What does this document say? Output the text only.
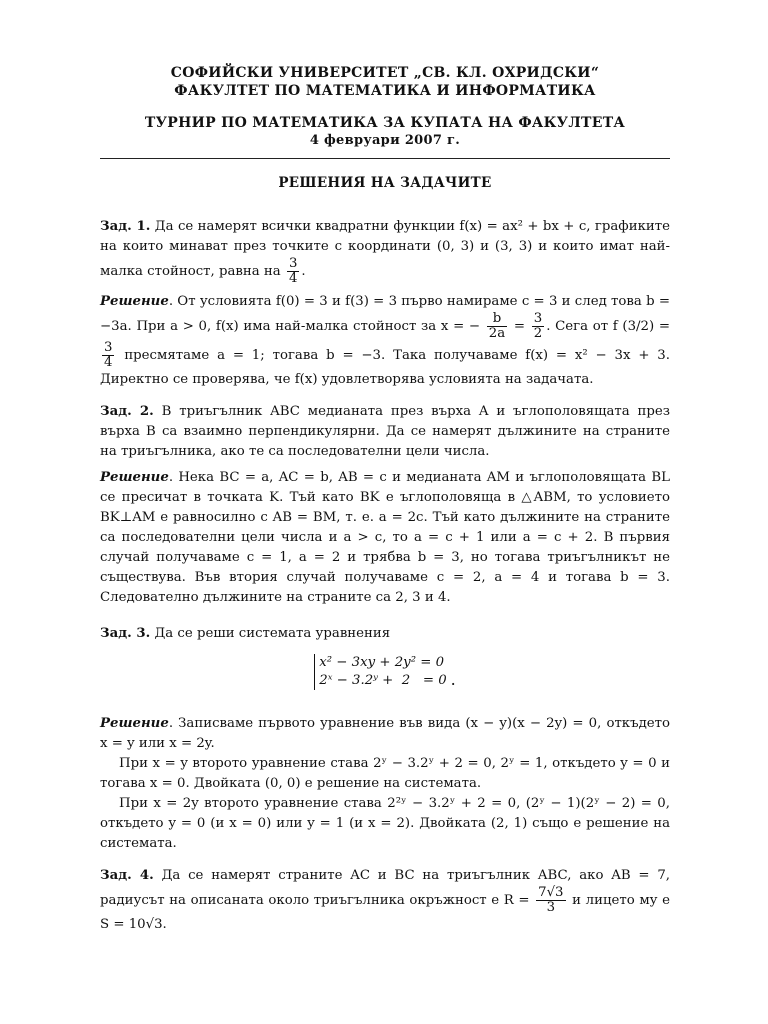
СОФИЙСКИ УНИВЕРСИТЕТ „СВ. КЛ. ОХРИДСКИ“
ФАКУЛТЕТ ПО МАТЕМАТИКА И ИНФОРМАТИКА
ТУРНИР ПО МАТЕМАТИКА ЗА КУПАТА НА ФАКУЛТЕТА
4 февруари 2007 г.
РЕШЕНИЯ НА ЗАДАЧИТЕ
Зад. 1. Да се намерят всички квадратни функции f(x) = ax² + bx + c, графиките на които минават през точките с координати (0, 3) и (3, 3) и които имат най-малка стойност, равна на $\frac{3}{4}$ .
Решение. От условията f(0) = 3 и f(3) = 3 първо намираме c = 3 и след това b = −3a. При a > 0, f(x) има най-малка стойност за x = − $\frac{b}{2a} = \frac{3}{2}$ . Сега от f (3/2) =
$\frac{3}{4}$ пресмятаме a = 1; тогава b = −3. Така получаваме f(x) = x² − 3x + 3. Директно се проверява, че f(x) удовлетворява условията на задачата.
Зад. 2. В триъгълник ABC медианата през върха A и ъглополовящата през върха B са взаимно перпендикулярни. Да се намерят дължините на страните на триъгълника, ако те са последователни цели числа.
Решение. Нека BC = a, AC = b, AB = c и медианата AM и ъглополовящата BL се пресичат в точката K. Тъй като BK е ъглополовяща в △ABM, то условието BK⊥AM е равносилно с AB = BM, т. е. a = 2c. Тъй като дължините на страните са последователни цели числа и a > c, то a = c + 1 или a = c + 2. В първия случай получаваме c = 1, a = 2 и трябва b = 3, но тогава триъгълникът не съществува. Във втория случай получаваме c = 2, a = 4 и тогава b = 3. Следователно дължините на страните са 2, 3 и 4.
Зад. 3. Да се реши системата уравнения
x² − 3xy + 2y² = 0
2ˣ − 3.2ʸ +  2   = 0 .
Решение. Записваме първото уравнение във вида (x − y)(x − 2y) = 0, откъдето x = y или x = 2y.
При x = y второто уравнение става 2ʸ − 3.2ʸ + 2 = 0, 2ʸ = 1, откъдето y = 0 и тогава x = 0. Двойката (0, 0) е решение на системата.
При x = 2y второто уравнение става 2²ʸ − 3.2ʸ + 2 = 0, (2ʸ − 1)(2ʸ − 2) = 0, откъдето y = 0 (и x = 0) или y = 1 (и x = 2). Двойката (2, 1) също е решение на системата.
Зад. 4. Да се намерят страните AC и BC на триъгълник ABC, ако AB = 7, радиусът на описаната около триъгълника окръжност е $R = \frac{7√3}{3}$ и лицето му е S = 10√3.
